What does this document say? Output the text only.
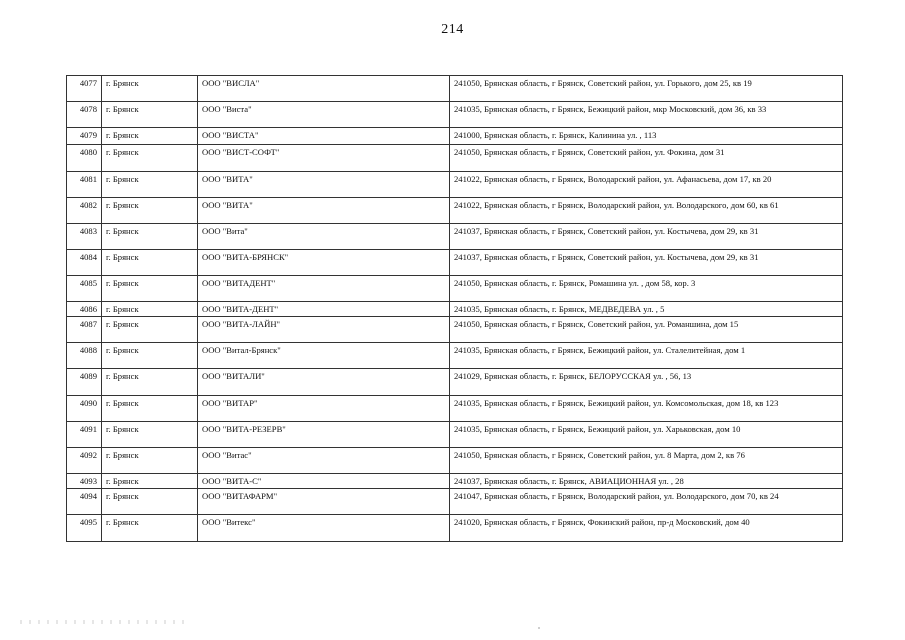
214
4077	г. Брянск	ООО "ВИСЛА"	241050, Брянская область, г Брянск, Советский район, ул. Горького, дом 25, кв 19
4078	г. Брянск	ООО "Виста"	241035, Брянская область, г Брянск, Бежицкий район, мкр Московский, дом 36, кв 33
4079	г. Брянск	ООО "ВИСТА"	241000, Брянская область, г. Брянск, Калинина ул. , 113
4080	г. Брянск	ООО "ВИСТ-СОФТ"	241050, Брянская область, г Брянск, Советский район, ул. Фокина, дом 31
4081	г. Брянск	ООО "ВИТА"	241022, Брянская область, г Брянск, Володарский район, ул. Афанасьева, дом 17, кв 20
4082	г. Брянск	ООО "ВИТА"	241022, Брянская область, г Брянск, Володарский район, ул. Володарского, дом 60, кв 61
4083	г. Брянск	ООО "Вита"	241037, Брянская область, г Брянск, Советский район, ул. Костычева, дом 29, кв 31
4084	г. Брянск	ООО "ВИТА-БРЯНСК"	241037, Брянская область, г Брянск, Советский район, ул. Костычева, дом 29, кв 31
4085	г. Брянск	ООО "ВИТАДЕНТ"	241050, Брянская область, г. Брянск, Ромашина ул. , дом 58, кор. 3
4086	г. Брянск	ООО "ВИТА-ДЕНТ"	241035, Брянская область, г. Брянск, МЕДВЕДЕВА ул. , 5
4087	г. Брянск	ООО "ВИТА-ЛАЙН"	241050, Брянская область, г Брянск, Советский район, ул. Романшина, дом 15
4088	г. Брянск	ООО "Витал-Брянск"	241035, Брянская область, г Брянск, Бежицкий район, ул. Сталелитейная, дом 1
4089	г. Брянск	ООО "ВИТАЛИ"	241029, Брянская область, г. Брянск, БЕЛОРУССКАЯ ул. , 56, 13
4090	г. Брянск	ООО "ВИТАР"	241035, Брянская область, г Брянск, Бежицкий район, ул. Комсомольская, дом 18, кв 123
4091	г. Брянск	ООО "ВИТА-РЕЗЕРВ"	241035, Брянская область, г Брянск, Бежицкий район, ул. Харьковская, дом 10
4092	г. Брянск	ООО "Витас"	241050, Брянская область, г Брянск, Советский район, ул. 8 Марта, дом 2, кв 76
4093	г. Брянск	ООО "ВИТА-С"	241037, Брянская область, г. Брянск, АВИАЦИОННАЯ ул. , 28
4094	г. Брянск	ООО "ВИТАФАРМ"	241047, Брянская область, г Брянск, Володарский район, ул. Володарского, дом 70, кв 24
4095	г. Брянск	ООО "Витекс"	241020, Брянская область, г Брянск, Фокинский район, пр-д Московский, дом 40
